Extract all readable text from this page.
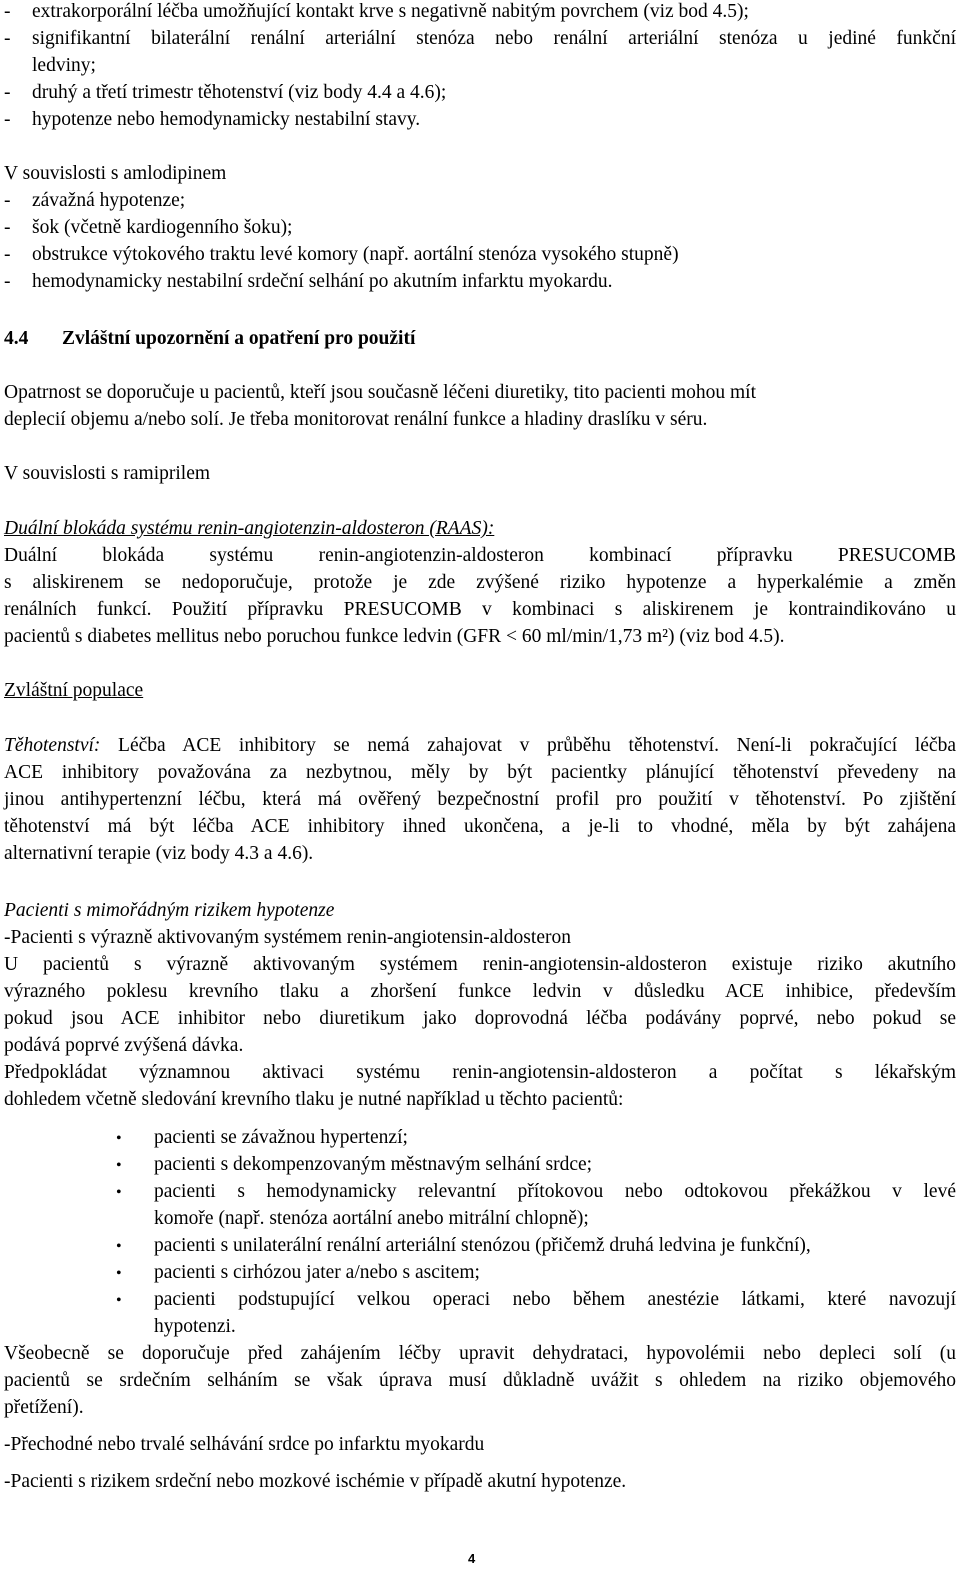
- extrakorporální léčba umožňující kontakt krve s negativně nabitým povrchem (viz bod 4.5);
- signifikantní bilaterální renální arteriální stenóza nebo renální arteriální stenóza u jediné funkční
ledviny;
- druhý a třetí trimestr těhotenství (viz body 4.4 a 4.6);
- hypotenze nebo hemodynamicky nestabilní stavy.
V souvislosti s amlodipinem
- závažná hypotenze;
- šok (včetně kardiogenního šoku);
- obstrukce výtokového traktu levé komory (např. aortální stenóza vysokého stupně)
- hemodynamicky nestabilní srdeční selhání po akutním infarktu myokardu.
4.4 Zvláštní upozornění a opatření pro použití
Opatrnost se doporučuje u pacientů, kteří jsou současně léčeni diuretiky, tito pacienti mohou mít
deplecií objemu a/nebo solí. Je třeba monitorovat renální funkce a hladiny draslíku v séru.
V souvislosti s ramiprilem
Duální blokáda systému renin-angiotenzin-aldosteron (RAAS):
Duální blokáda systému renin-angiotenzin-aldosteron kombinací přípravku PRESUCOMB
s aliskirenem se nedoporučuje, protože je zde zvýšené riziko hypotenze a hyperkalémie a změn
renálních funkcí. Použití přípravku PRESUCOMB v kombinaci s aliskirenem je kontraindikováno u
pacientů s diabetes mellitus nebo poruchou funkce ledvin (GFR < 60 ml/min/1,73 m²) (viz bod 4.5).
Zvláštní populace
Těhotenství: Léčba ACE inhibitory se nemá zahajovat v průběhu těhotenství. Není-li pokračující léčba
ACE inhibitory považována za nezbytnou, měly by být pacientky plánující těhotenství převedeny na
jinou antihypertenzní léčbu, která má ověřený bezpečnostní profil pro použití v těhotenství. Po zjištění
těhotenství má být léčba ACE inhibitory ihned ukončena, a je-li to vhodné, měla by být zahájena
alternativní terapie (viz body 4.3 a 4.6).
Pacienti s mimořádným rizikem hypotenze
-Pacienti s výrazně aktivovaným systémem renin-angiotensin-aldosteron
U pacientů s výrazně aktivovaným systémem renin-angiotensin-aldosteron existuje riziko akutního
výrazného poklesu krevního tlaku a zhoršení funkce ledvin v důsledku ACE inhibice, především
pokud jsou ACE inhibitor nebo diuretikum jako doprovodná léčba podávány poprvé, nebo pokud se
podává poprvé zvýšená dávka.
Předpokládat významnou aktivaci systému renin-angiotensin-aldosteron a počítat s lékařským
dohledem včetně sledování krevního tlaku je nutné například u těchto pacientů:
• pacienti se závažnou hypertenzí;
• pacienti s dekompenzovaným městnavým selhání srdce;
• pacienti s hemodynamicky relevantní přítokovou nebo odtokovou překážkou v levé
komoře (např. stenóza aortální anebo mitrální chlopně);
• pacienti s unilaterální renální arteriální stenózou (přičemž druhá ledvina je funkční),
• pacienti s cirhózou jater a/nebo s ascitem;
• pacienti podstupující velkou operaci nebo během anestézie látkami, které navozují
hypotenzi.
Všeobecně se doporučuje před zahájením léčby upravit dehydrataci, hypovolémii nebo depleci solí (u
pacientů se srdečním selháním se však úprava musí důkladně uvážit s ohledem na riziko objemového
přetížení).
-Přechodné nebo trvalé selhávání srdce po infarktu myokardu
-Pacienti s rizikem srdeční nebo mozkové ischémie v případě akutní hypotenze.
4
